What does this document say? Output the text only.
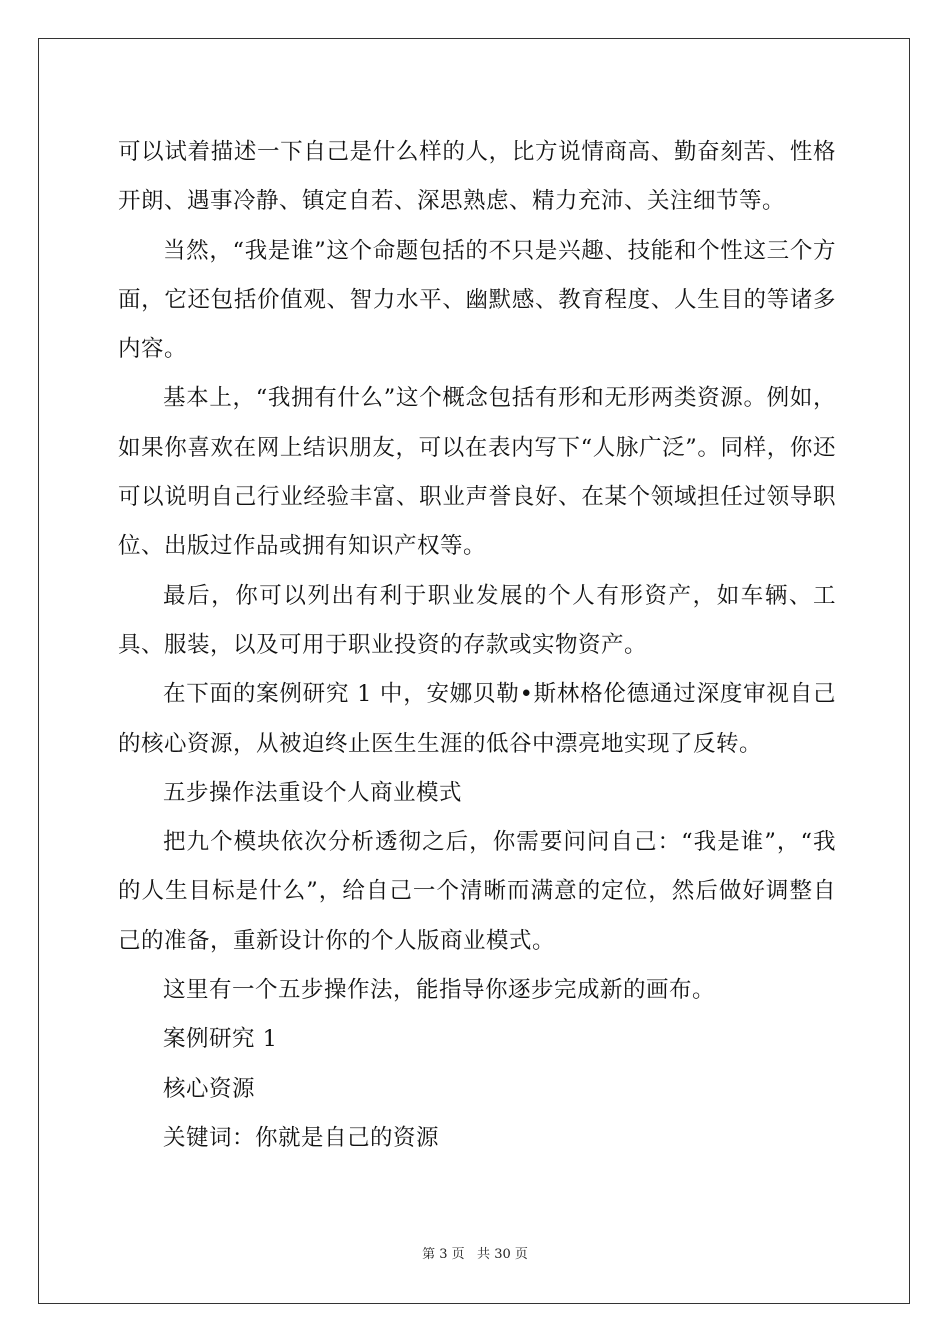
可以试着描述一下自己是什么样的人，比方说情商高、勤奋刻苦、性格开朗、遇事冷静、镇定自若、深思熟虑、精力充沛、关注细节等。

当然，“我是谁”这个命题包括的不只是兴趣、技能和个性这三个方面，它还包括价值观、智力水平、幽默感、教育程度、人生目的等诸多内容。

基本上，“我拥有什么”这个概念包括有形和无形两类资源。例如，如果你喜欢在网上结识朋友，可以在表内写下“人脉广泛”。同样，你还可以说明自己行业经验丰富、职业声誉良好、在某个领域担任过领导职位、出版过作品或拥有知识产权等。

最后，你可以列出有利于职业发展的个人有形资产，如车辆、工具、服装，以及可用于职业投资的存款或实物资产。

在下面的案例研究 1 中，安娜贝勒•斯林格伦德通过深度审视自己的核心资源，从被迫终止医生生涯的低谷中漂亮地实现了反转。

五步操作法重设个人商业模式

把九个模块依次分析透彻之后，你需要问问自己：“我是谁”，“我的人生目标是什么”，给自己一个清晰而满意的定位，然后做好调整自己的准备，重新设计你的个人版商业模式。

这里有一个五步操作法，能指导你逐步完成新的画布。

案例研究 1

核心资源

关键词：你就是自己的资源

第 3 页   共 30 页
